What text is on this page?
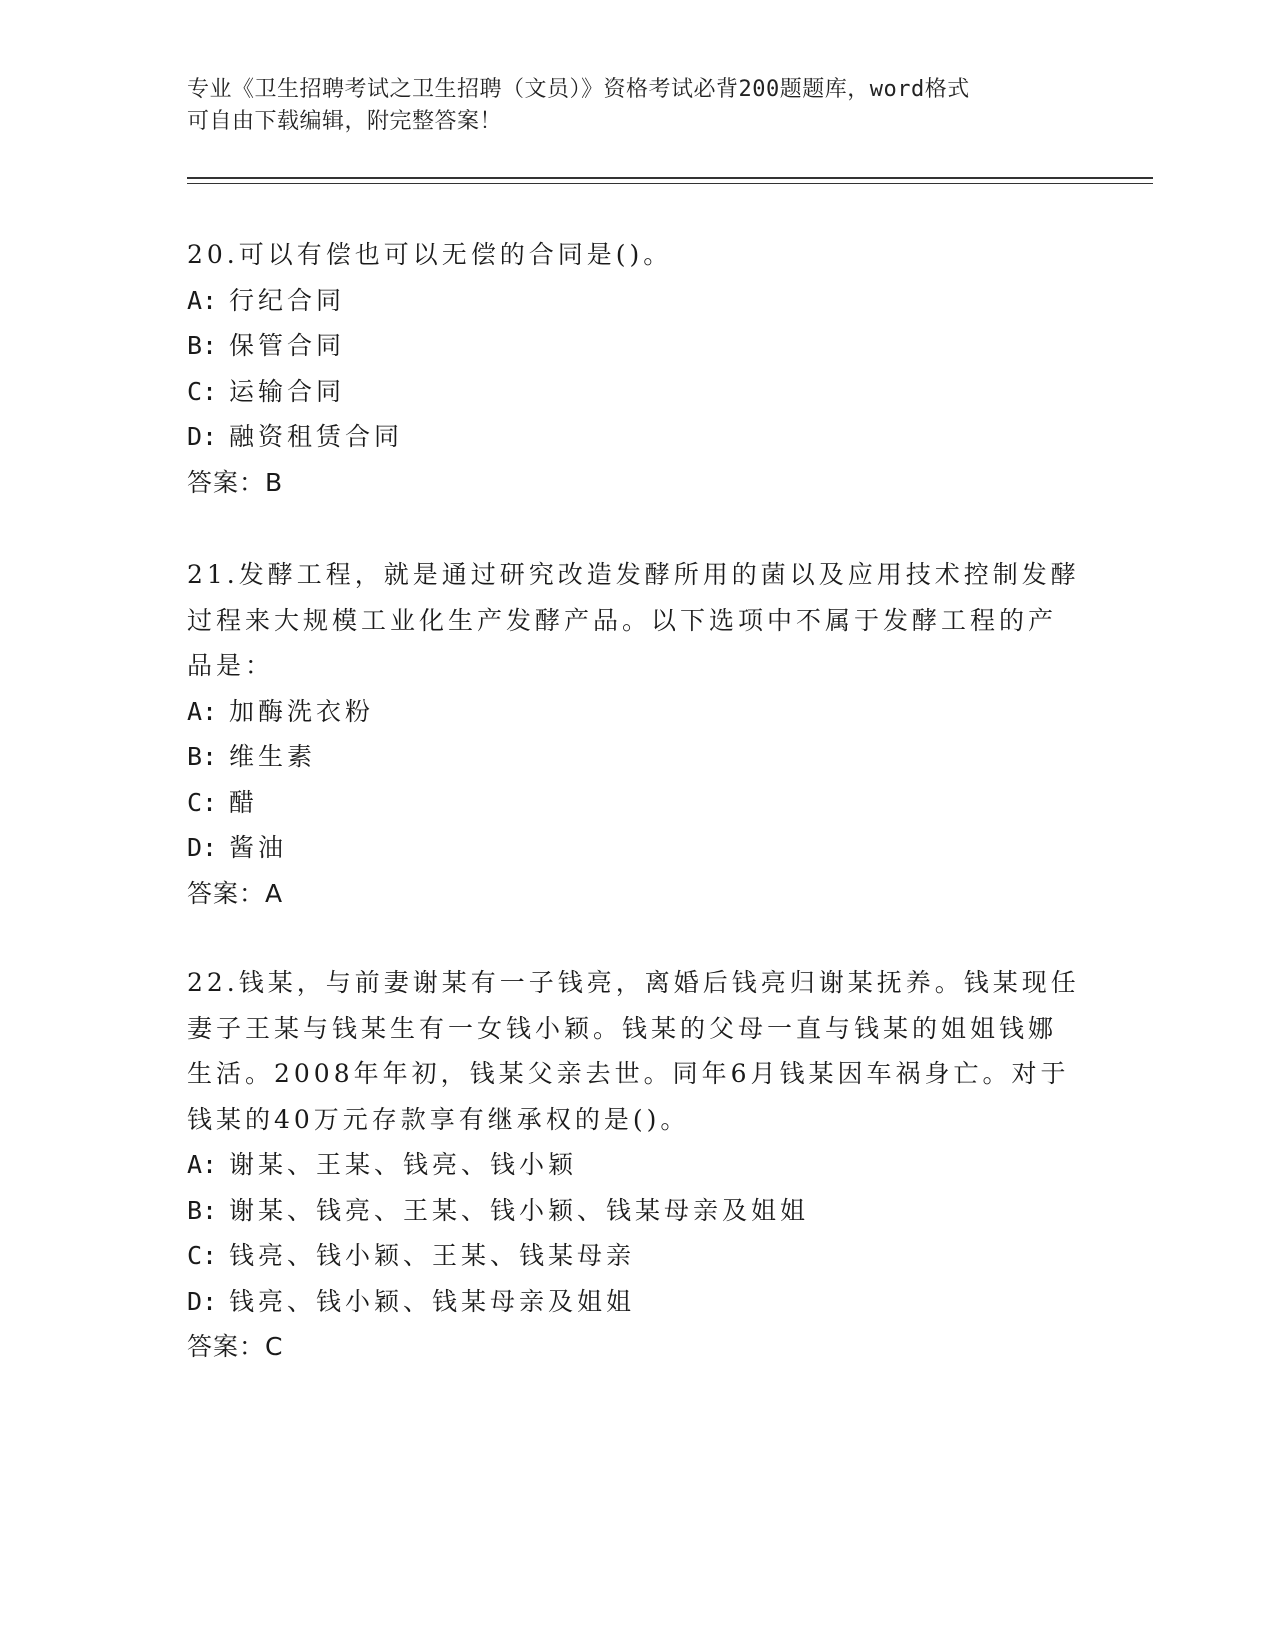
专业《卫生招聘考试之卫生招聘（文员）》资格考试必背200题题库，word格式
可自由下载编辑，附完整答案！
20.可以有偿也可以无偿的合同是()。
A: 行纪合同
B: 保管合同
C: 运输合同
D: 融资租赁合同
答案：B
21.发酵工程，就是通过研究改造发酵所用的菌以及应用技术控制发酵
过程来大规模工业化生产发酵产品。以下选项中不属于发酵工程的产
品是：
A: 加酶洗衣粉
B: 维生素
C: 醋
D: 酱油
答案：A
22.钱某，与前妻谢某有一子钱亮，离婚后钱亮归谢某抚养。钱某现任
妻子王某与钱某生有一女钱小颖。钱某的父母一直与钱某的姐姐钱娜
生活。2008年年初，钱某父亲去世。同年6月钱某因车祸身亡。对于
钱某的40万元存款享有继承权的是()。
A: 谢某、王某、钱亮、钱小颖
B: 谢某、钱亮、王某、钱小颖、钱某母亲及姐姐
C: 钱亮、钱小颖、王某、钱某母亲
D: 钱亮、钱小颖、钱某母亲及姐姐
答案：C
